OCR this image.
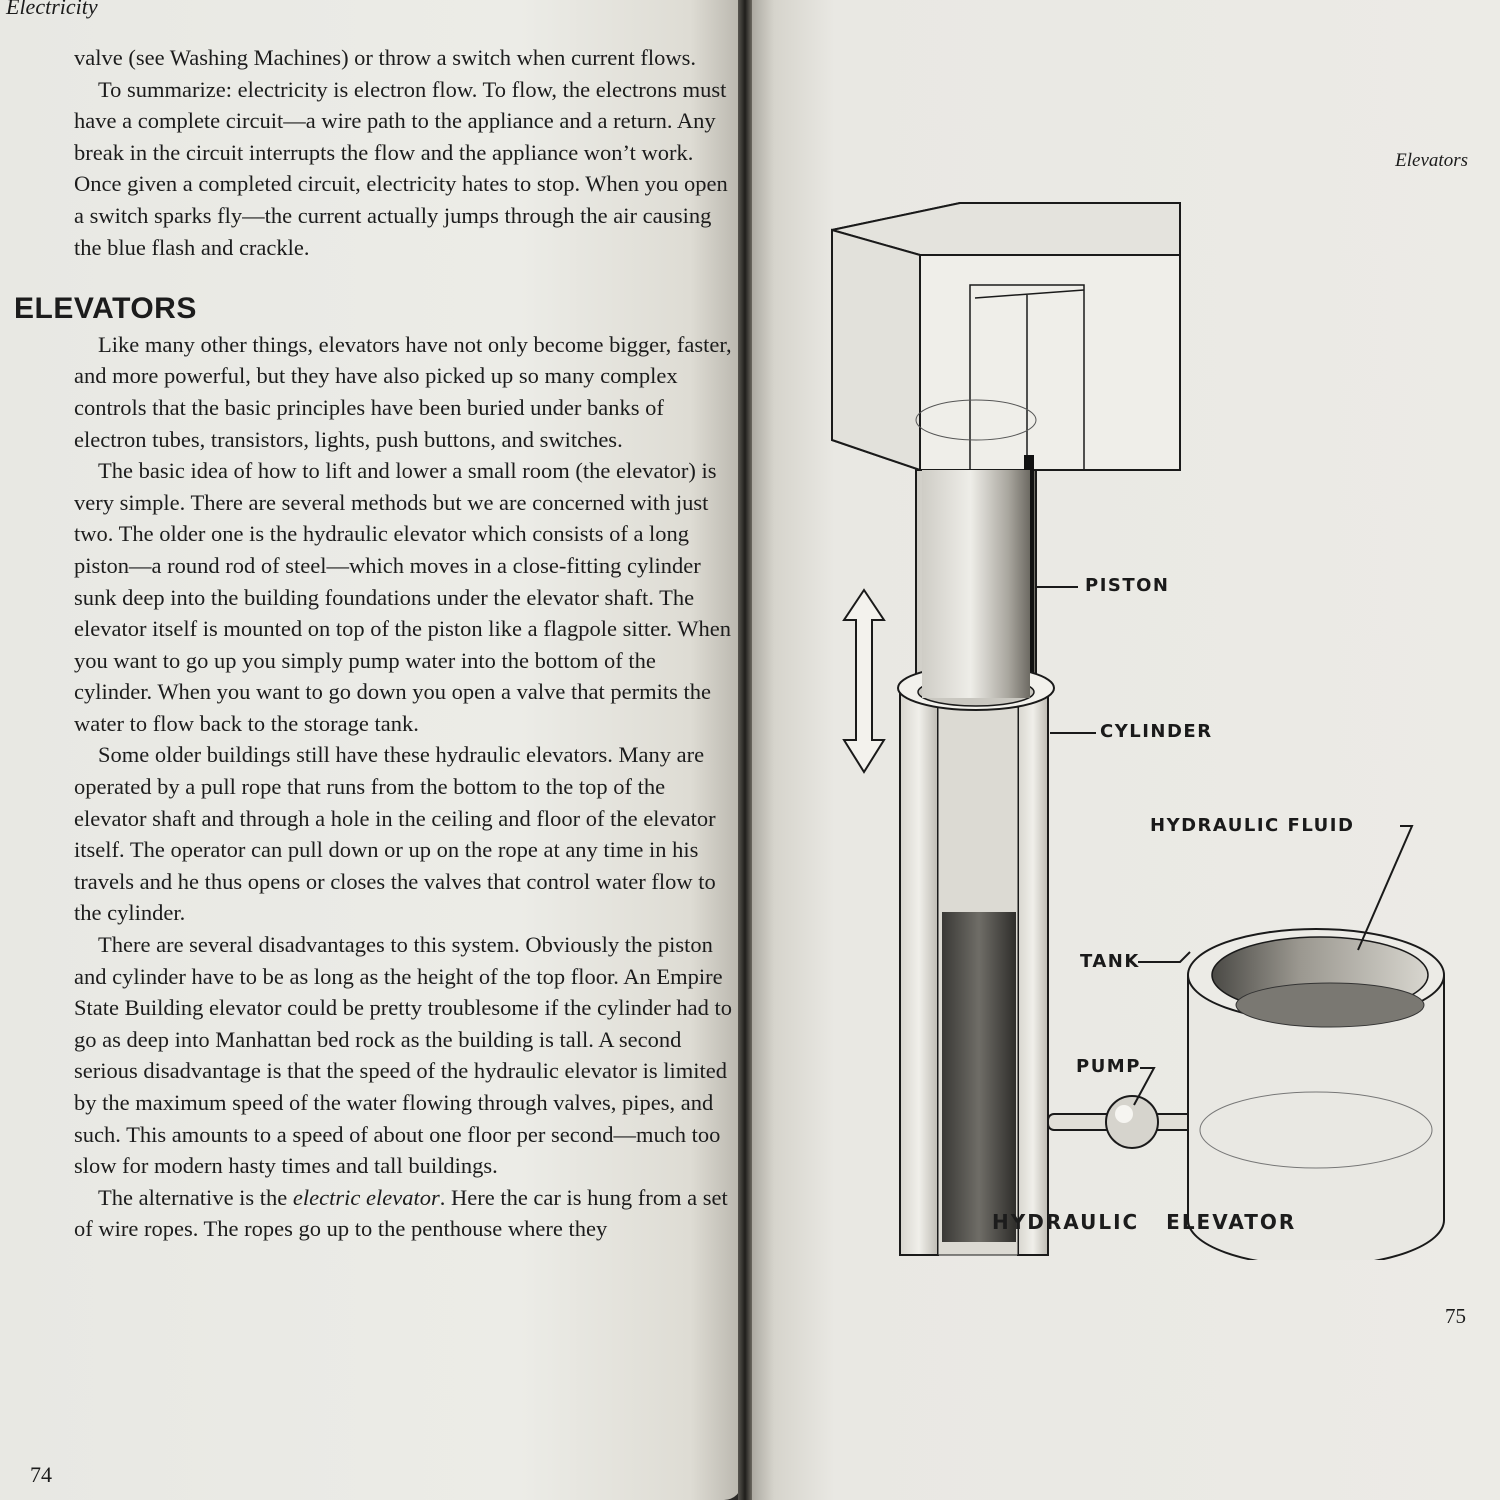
Electricity

valve (see Washing Machines) or throw a switch when current flows.

To summarize: electricity is electron flow. To flow, the electrons must have a complete circuit—a wire path to the appliance and a return. Any break in the circuit interrupts the flow and the appliance won’t work. Once given a completed circuit, electricity hates to stop. When you open a switch sparks fly—the current actually jumps through the air causing the blue flash and crackle.

ELEVATORS

Like many other things, elevators have not only become bigger, faster, and more powerful, but they have also picked up so many complex controls that the basic principles have been buried under banks of electron tubes, transistors, lights, push buttons, and switches.

The basic idea of how to lift and lower a small room (the elevator) is very simple. There are several methods but we are concerned with just two. The older one is the hydraulic elevator which consists of a long piston—a round rod of steel—which moves in a close-fitting cylinder sunk deep into the building foundations under the elevator shaft. The elevator itself is mounted on top of the piston like a flagpole sitter. When you want to go up you simply pump water into the bottom of the cylinder. When you want to go down you open a valve that permits the water to flow back to the storage tank.

Some older buildings still have these hydraulic elevators. Many are operated by a pull rope that runs from the bottom to the top of the elevator shaft and through a hole in the ceiling and floor of the elevator itself. The operator can pull down or up on the rope at any time in his travels and he thus opens or closes the valves that control water flow to the cylinder.

There are several disadvantages to this system. Obviously the piston and cylinder have to be as long as the height of the top floor. An Empire State Building elevator could be pretty troublesome if the cylinder had to go as deep into Manhattan bed rock as the building is tall. A second serious disadvantage is that the speed of the hydraulic elevator is limited by the maximum speed of the water flowing through valves, pipes, and such. This amounts to a speed of about one floor per second—much too slow for modern hasty times and tall buildings.

The alternative is the electric elevator. Here the car is hung from a set of wire ropes. The ropes go up to the penthouse where they

74
Elevators
75
PISTON
CYLINDER
HYDRAULIC FLUID
TANK
PUMP
HYDRAULIC ELEVATOR
